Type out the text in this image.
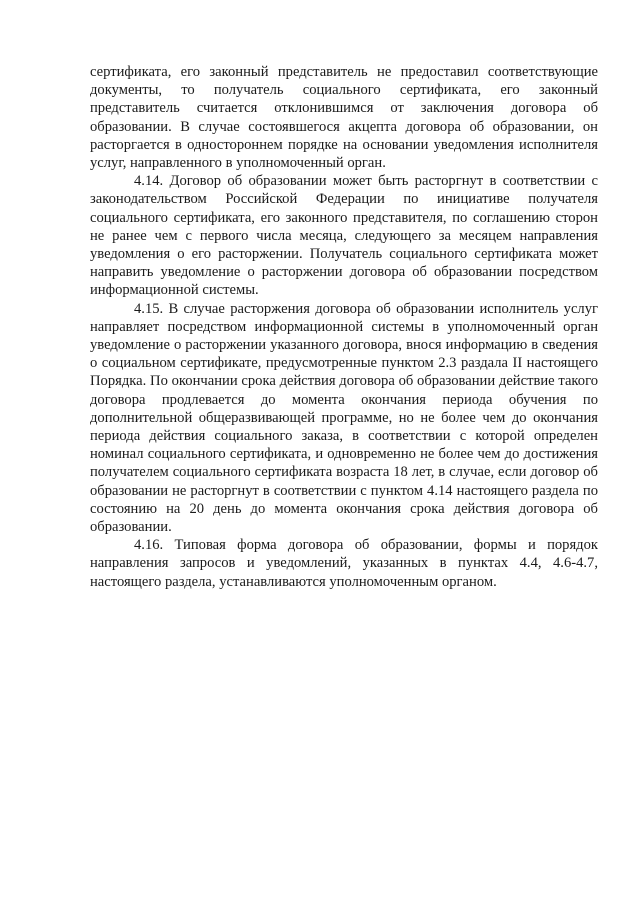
сертификата, его законный представитель не предоставил соответствующие документы, то получатель социального сертификата, его законный представитель считается отклонившимся от заключения договора об образовании. В случае состоявшегося акцепта договора об образовании, он расторгается в одностороннем порядке на основании уведомления исполнителя услуг, направленного в уполномоченный орган.

4.14. Договор об образовании может быть расторгнут в соответствии с законодательством Российской Федерации по инициативе получателя социального сертификата, его законного представителя, по соглашению сторон не ранее чем с первого числа месяца, следующего за месяцем направления уведомления о его расторжении. Получатель социального сертификата может направить уведомление о расторжении договора об образовании посредством информационной системы.

4.15. В случае расторжения договора об образовании исполнитель услуг направляет посредством информационной системы в уполномоченный орган уведомление о расторжении указанного договора, внося информацию в сведения о социальном сертификате, предусмотренные пунктом 2.3 раздала II настоящего Порядка. По окончании срока действия договора об образовании действие такого договора продлевается до момента окончания периода обучения по дополнительной общеразвивающей программе, но не более чем до окончания периода действия социального заказа, в соответствии с которой определен номинал социального сертификата, и одновременно не более чем до достижения получателем социального сертификата возраста 18 лет, в случае, если договор об образовании не расторгнут в соответствии с пунктом 4.14 настоящего раздела по состоянию на 20 день до момента окончания срока действия договора об образовании.

4.16. Типовая форма договора об образовании, формы и порядок направления запросов и уведомлений, указанных в пунктах 4.4, 4.6-4.7, настоящего раздела, устанавливаются уполномоченным органом.
